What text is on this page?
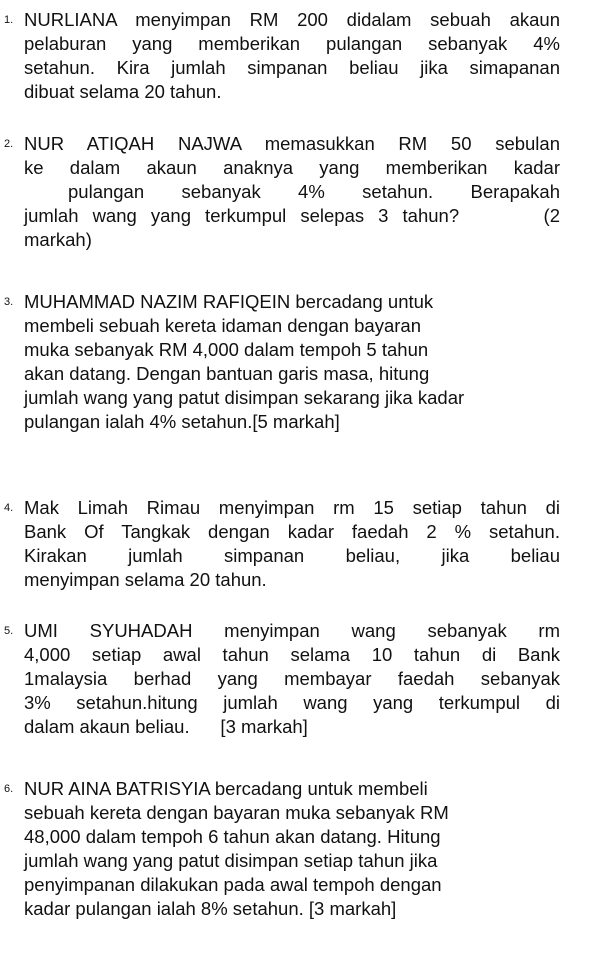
1. NURLIANA menyimpan RM 200 didalam sebuah akaun
pelaburan yang memberikan pulangan sebanyak 4%
setahun. Kira jumlah simpanan beliau jika simapanan
dibuat selama 20 tahun.
2. NUR ATIQAH NAJWA memasukkan RM 50 sebulan
ke dalam akaun anaknya yang memberikan kadar
pulangan sebanyak 4% setahun. Berapakah
jumlah wang yang terkumpul selepas 3 tahun?      (2
markah)
3. MUHAMMAD NAZIM RAFIQEIN bercadang untuk
membeli sebuah kereta idaman dengan bayaran
muka sebanyak RM 4,000 dalam tempoh 5 tahun
akan datang. Dengan bantuan garis masa, hitung
jumlah wang yang patut disimpan sekarang jika kadar
pulangan ialah 4% setahun.[5 markah]
4. Mak Limah Rimau menyimpan rm 15 setiap tahun di
Bank Of Tangkak dengan kadar faedah 2 % setahun.
Kirakan jumlah simpanan beliau, jika beliau
menyimpan selama 20 tahun.
5. UMI SYUHADAH menyimpan wang sebanyak rm
4,000 setiap awal tahun selama 10 tahun di Bank
1malaysia berhad yang membayar faedah sebanyak
3% setahun.hitung jumlah wang yang terkumpul di
dalam akaun beliau.      [3 markah]
6. NUR AINA BATRISYIA bercadang untuk membeli
sebuah kereta dengan bayaran muka sebanyak RM
48,000 dalam tempoh 6 tahun akan datang. Hitung
jumlah wang yang patut disimpan setiap tahun jika
penyimpanan dilakukan pada awal tempoh dengan
kadar pulangan ialah 8% setahun. [3 markah]
